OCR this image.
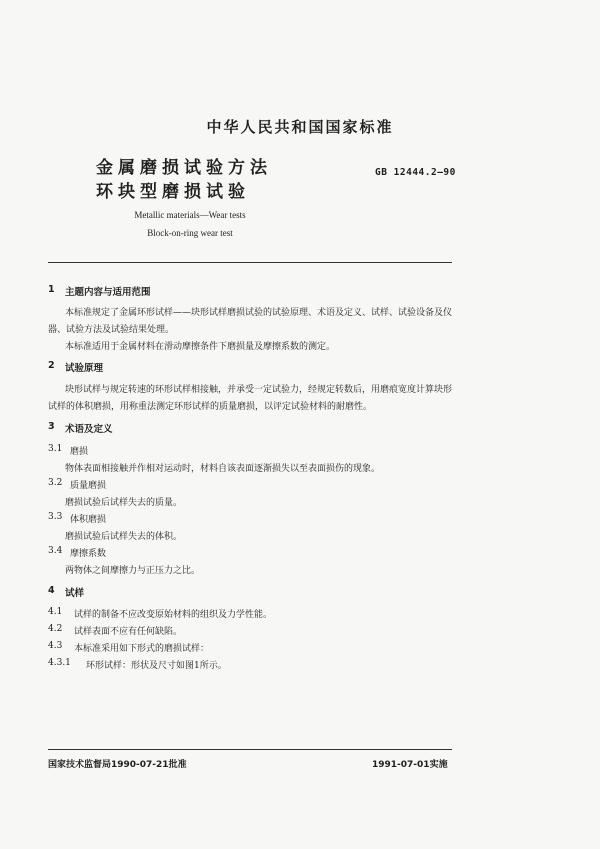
中华人民共和国国家标准
金属磨损试验方法
环块型磨损试验
GB 12444.2—90
Metallic materials—Wear tests
Block-on-ring wear test
1 主题内容与适用范围
本标准规定了金属环形试样——块形试样磨损试验的试验原理、术语及定义、试样、试验设备及仪
器、试验方法及试验结果处理。
本标准适用于金属材料在滑动摩擦条件下磨损量及摩擦系数的测定。
2 试验原理
块形试样与规定转速的环形试样相接触，并承受一定试验力，经规定转数后，用磨痕宽度计算块形
试样的体积磨损，用称重法测定环形试样的质量磨损，以评定试验材料的耐磨性。
3 术语及定义
3.1 磨损
物体表面相接触并作相对运动时，材料自该表面逐渐损失以至表面损伤的现象。
3.2 质量磨损
磨损试验后试样失去的质量。
3.3 体积磨损
磨损试验后试样失去的体积。
3.4 摩擦系数
两物体之间摩擦力与正压力之比。
4 试样
4.1 试样的制备不应改变原始材料的组织及力学性能。
4.2 试样表面不应有任何缺陷。
4.3 本标准采用如下形式的磨损试样：
4.3.1 环形试样：形状及尺寸如图1所示。
国家技术监督局1990-07-21批准	1991-07-01实施
